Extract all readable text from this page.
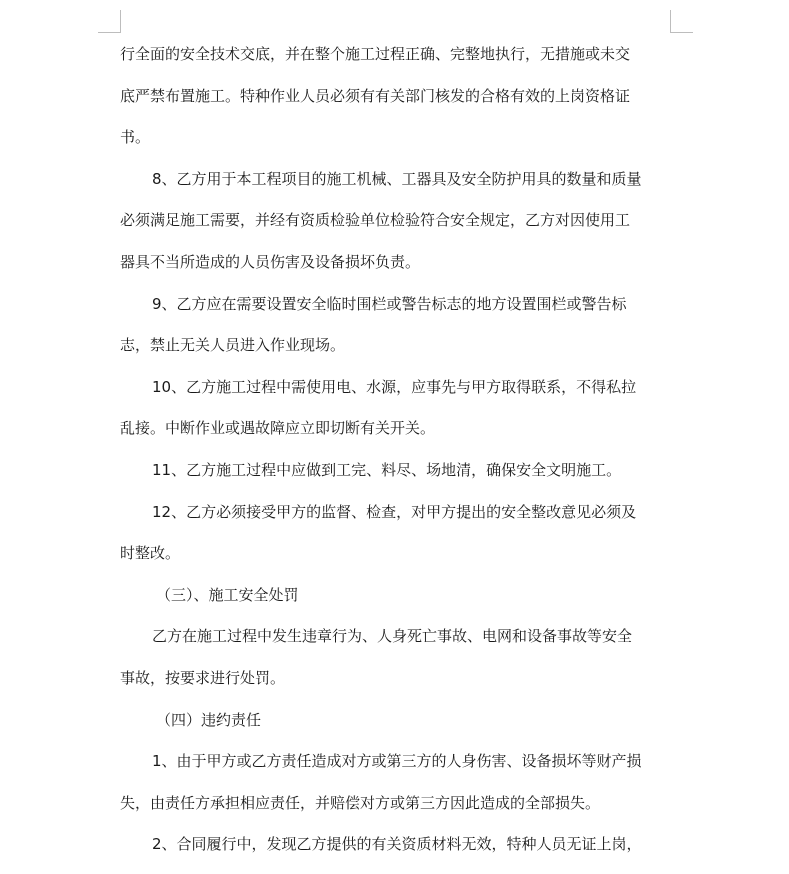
行全面的安全技术交底，并在整个施工过程正确、完整地执行，无措施或未交
底严禁布置施工。特种作业人员必须有有关部门核发的合格有效的上岗资格证
书。
8、乙方用于本工程项目的施工机械、工器具及安全防护用具的数量和质量
必须满足施工需要，并经有资质检验单位检验符合安全规定，乙方对因使用工
器具不当所造成的人员伤害及设备损坏负责。
9、乙方应在需要设置安全临时围栏或警告标志的地方设置围栏或警告标
志，禁止无关人员进入作业现场。
10、乙方施工过程中需使用电、水源，应事先与甲方取得联系，不得私拉
乱接。中断作业或遇故障应立即切断有关开关。
11、乙方施工过程中应做到工完、料尽、场地清，确保安全文明施工。
12、乙方必须接受甲方的监督、检查，对甲方提出的安全整改意见必须及
时整改。
（三）、施工安全处罚
乙方在施工过程中发生违章行为、人身死亡事故、电网和设备事故等安全
事故，按要求进行处罚。
（四）违约责任
1、由于甲方或乙方责任造成对方或第三方的人身伤害、设备损坏等财产损
失，由责任方承担相应责任，并赔偿对方或第三方因此造成的全部损失。
2、合同履行中，发现乙方提供的有关资质材料无效，特种人员无证上岗，
